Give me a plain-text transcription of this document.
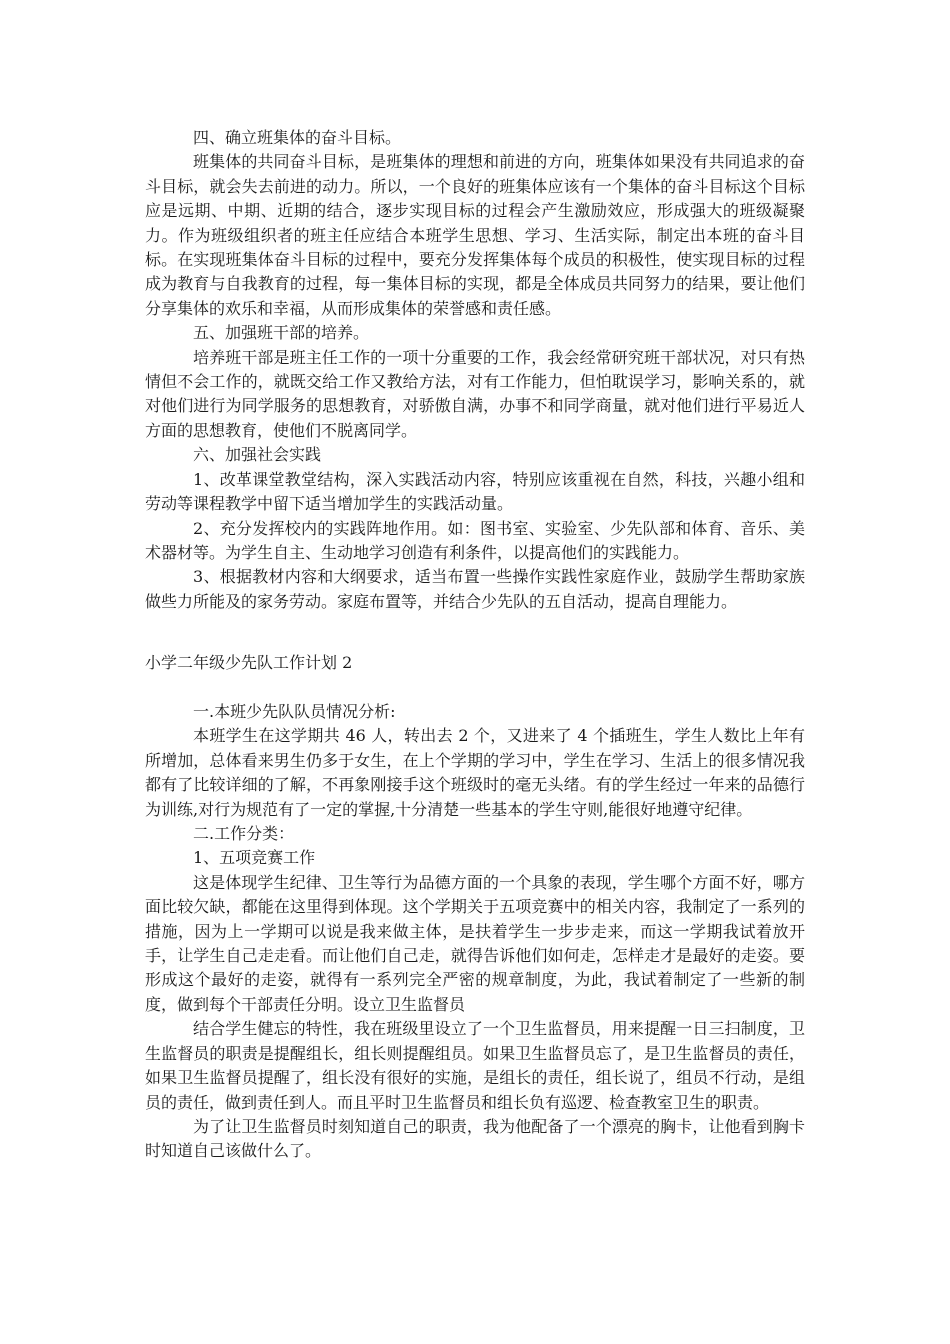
四、确立班集体的奋斗目标。

班集体的共同奋斗目标，是班集体的理想和前进的方向，班集体如果没有共同追求的奋斗目标，就会失去前进的动力。所以，一个良好的班集体应该有一个集体的奋斗目标这个目标应是远期、中期、近期的结合，逐步实现目标的过程会产生激励效应，形成强大的班级凝聚力。作为班级组织者的班主任应结合本班学生思想、学习、生活实际，制定出本班的奋斗目标。在实现班集体奋斗目标的过程中，要充分发挥集体每个成员的积极性，使实现目标的过程成为教育与自我教育的过程，每一集体目标的实现，都是全体成员共同努力的结果，要让他们分享集体的欢乐和幸福，从而形成集体的荣誉感和责任感。

五、加强班干部的培养。

培养班干部是班主任工作的一项十分重要的工作，我会经常研究班干部状况，对只有热情但不会工作的，就既交给工作又教给方法，对有工作能力，但怕耽误学习，影响关系的，就对他们进行为同学服务的思想教育，对骄傲自满，办事不和同学商量，就对他们进行平易近人方面的思想教育，使他们不脱离同学。

六、加强社会实践

1、改革课堂教堂结构，深入实践活动内容，特别应该重视在自然，科技，兴趣小组和劳动等课程教学中留下适当增加学生的实践活动量。

2、充分发挥校内的实践阵地作用。如：图书室、实验室、少先队部和体育、音乐、美术器材等。为学生自主、生动地学习创造有利条件，以提高他们的实践能力。

3、根据教材内容和大纲要求，适当布置一些操作实践性家庭作业，鼓励学生帮助家族做些力所能及的家务劳动。家庭布置等，并结合少先队的五自活动，提高自理能力。

小学二年级少先队工作计划 2

一.本班少先队队员情况分析:

本班学生在这学期共 46 人，转出去 2 个，又进来了 4 个插班生，学生人数比上年有所增加，总体看来男生仍多于女生，在上个学期的学习中，学生在学习、生活上的很多情况我都有了比较详细的了解，不再象刚接手这个班级时的毫无头绪。有的学生经过一年来的品德行为训练,对行为规范有了一定的掌握,十分清楚一些基本的学生守则,能很好地遵守纪律。

二.工作分类：

1、五项竞赛工作

这是体现学生纪律、卫生等行为品德方面的一个具象的表现，学生哪个方面不好，哪方面比较欠缺，都能在这里得到体现。这个学期关于五项竞赛中的相关内容，我制定了一系列的措施，因为上一学期可以说是我来做主体，是扶着学生一步步走来，而这一学期我试着放开手，让学生自己走走看。而让他们自己走，就得告诉他们如何走，怎样走才是最好的走姿。要形成这个最好的走姿，就得有一系列完全严密的规章制度，为此，我试着制定了一些新的制度，做到每个干部责任分明。设立卫生监督员

结合学生健忘的特性，我在班级里设立了一个卫生监督员，用来提醒一日三扫制度，卫生监督员的职责是提醒组长，组长则提醒组员。如果卫生监督员忘了，是卫生监督员的责任，如果卫生监督员提醒了，组长没有很好的实施，是组长的责任，组长说了，组员不行动，是组员的责任，做到责任到人。而且平时卫生监督员和组长负有巡逻、检查教室卫生的职责。

为了让卫生监督员时刻知道自己的职责，我为他配备了一个漂亮的胸卡，让他看到胸卡时知道自己该做什么了。
